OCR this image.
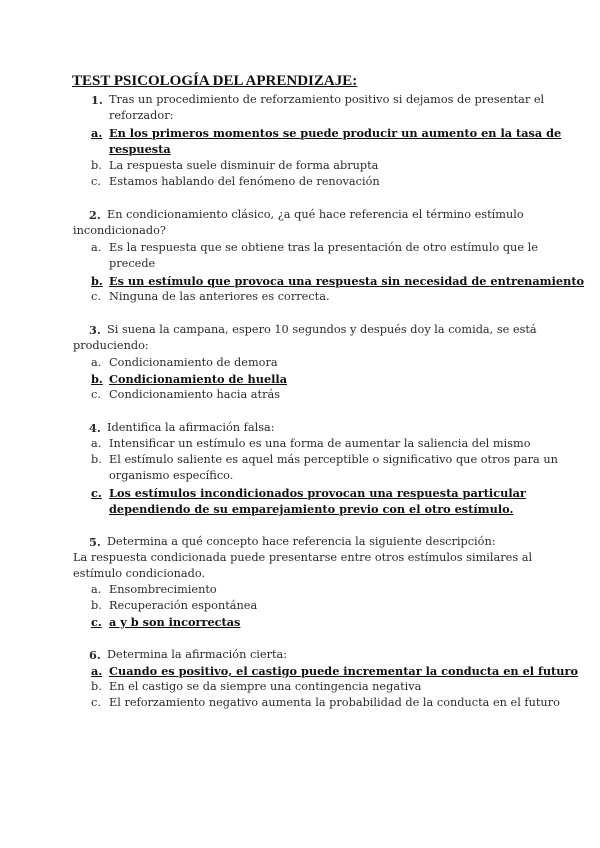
TEST PSICOLOGÍA DEL APRENDIZAJE:
1. Tras un procedimiento de reforzamiento positivo si dejamos de presentar el
reforzador:
a. En los primeros momentos se puede producir un aumento en la tasa de
respuesta
b. La respuesta suele disminuir de forma abrupta
c. Estamos hablando del fenómeno de renovación
2. En condicionamiento clásico, ¿a qué hace referencia el término estímulo
incondicionado?
a. Es la respuesta que se obtiene tras la presentación de otro estímulo que le
precede
b. Es un estímulo que provoca una respuesta sin necesidad de entrenamiento
c. Ninguna de las anteriores es correcta.
3. Si suena la campana, espero 10 segundos y después doy la comida, se está
produciendo:
a. Condicionamiento de demora
b. Condicionamiento de huella
c. Condicionamiento hacia atrás
4. Identifica la afirmación falsa:
a. Intensificar un estímulo es una forma de aumentar la saliencia del mismo
b. El estímulo saliente es aquel más perceptible o significativo que otros para un
organismo específico.
c. Los estímulos incondicionados provocan una respuesta particular
dependiendo de su emparejamiento previo con el otro estímulo.
5. Determina a qué concepto hace referencia la siguiente descripción:
La respuesta condicionada puede presentarse entre otros estímulos similares al
estímulo condicionado.
a. Ensombrecimiento
b. Recuperación espontánea
c. a y b son incorrectas
6. Determina la afirmación cierta:
a. Cuando es positivo, el castigo puede incrementar la conducta en el futuro
b. En el castigo se da siempre una contingencia negativa
c. El reforzamiento negativo aumenta la probabilidad de la conducta en el futuro
